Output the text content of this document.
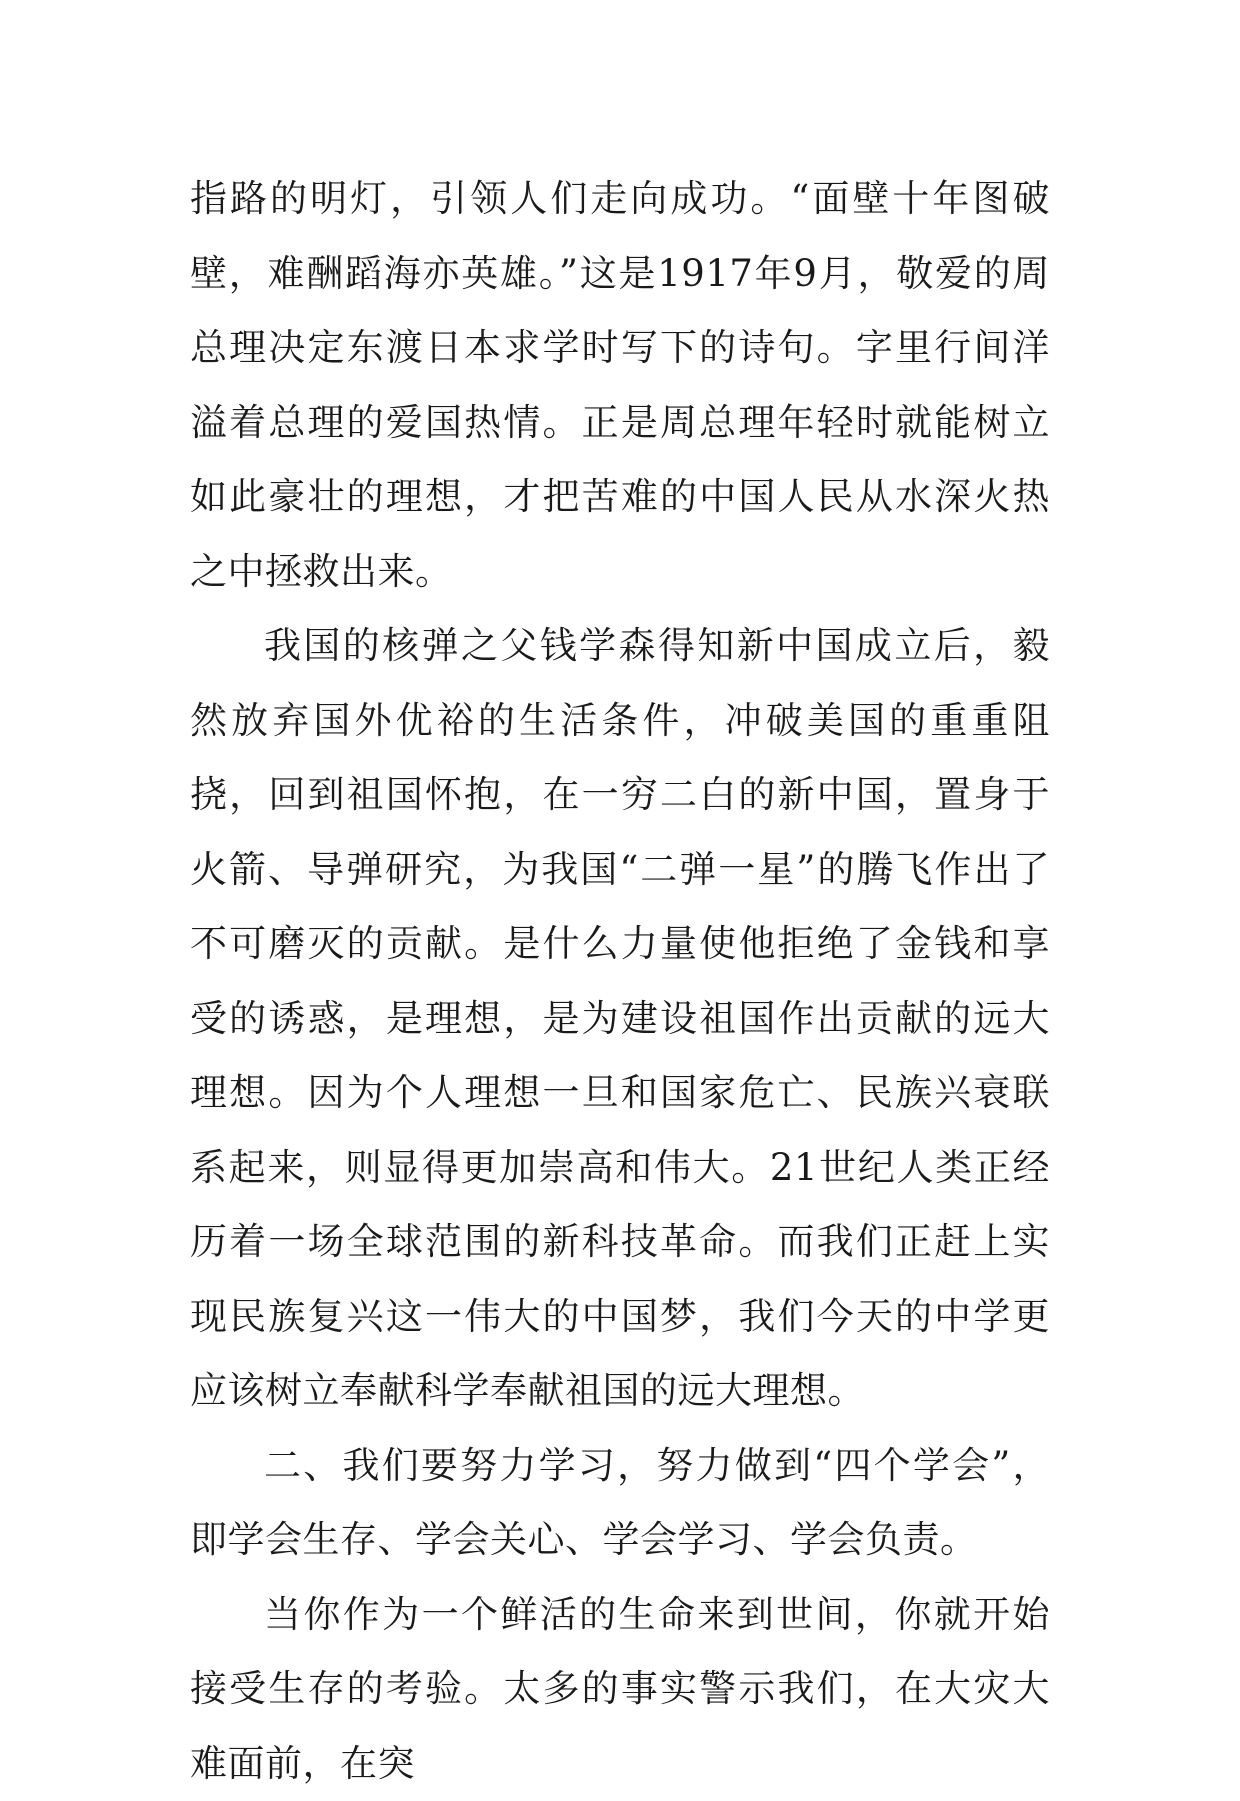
指路的明灯，引领人们走向成功。“面壁十年图破壁，难酬蹈海亦英雄。”这是1917年9月，敬爱的周总理决定东渡日本求学时写下的诗句。字里行间洋溢着总理的爱国热情。正是周总理年轻时就能树立如此豪壮的理想，才把苦难的中国人民从水深火热之中拯救出来。

我国的核弹之父钱学森得知新中国成立后，毅然放弃国外优裕的生活条件，冲破美国的重重阻挠，回到祖国怀抱，在一穷二白的新中国，置身于火箭、导弹研究，为我国“二弹一星”的腾飞作出了不可磨灭的贡献。是什么力量使他拒绝了金钱和享受的诱惑，是理想，是为建设祖国作出贡献的远大理想。因为个人理想一旦和国家危亡、民族兴衰联系起来，则显得更加崇高和伟大。21世纪人类正经历着一场全球范围的新科技革命。而我们正赶上实现民族复兴这一伟大的中国梦，我们今天的中学更应该树立奉献科学奉献祖国的远大理想。

二、我们要努力学习，努力做到“四个学会”，即学会生存、学会关心、学会学习、学会负责。

当你作为一个鲜活的生命来到世间，你就开始接受生存的考验。太多的事实警示我们，在大灾大难面前，在突
